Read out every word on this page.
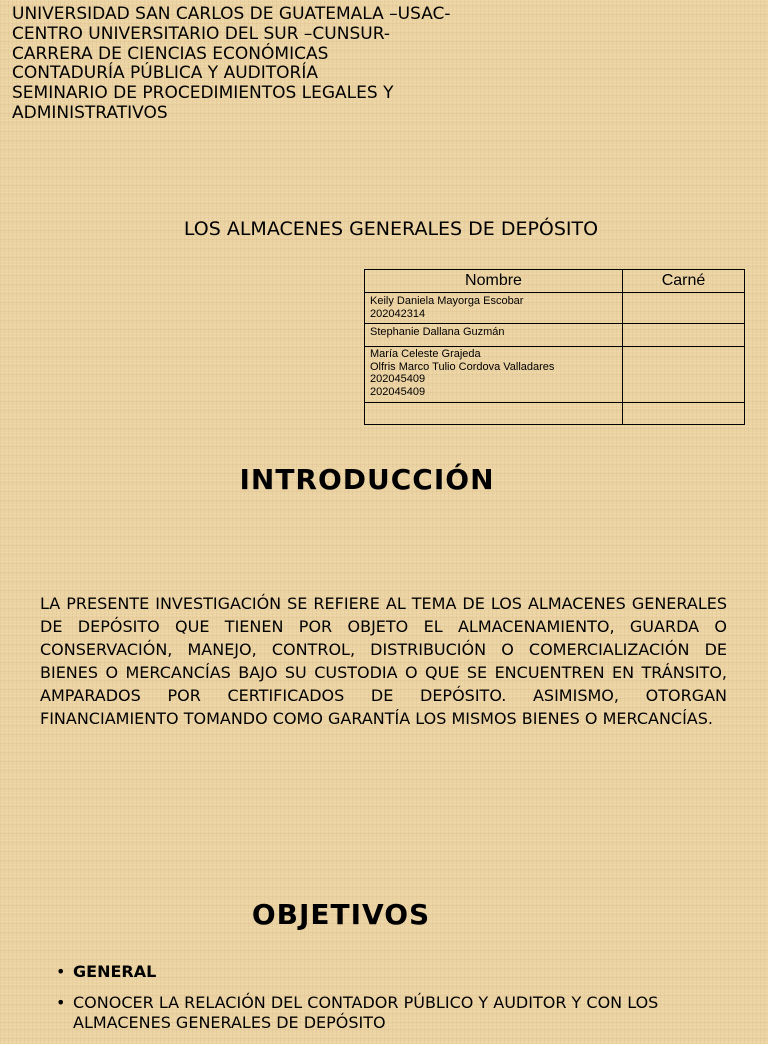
UNIVERSIDAD SAN CARLOS DE GUATEMALA –USAC-
CENTRO UNIVERSITARIO DEL SUR –CUNSUR-
CARRERA DE CIENCIAS ECONÓMICAS
CONTADURÍA PÚBLICA Y AUDITORÍA
SEMINARIO DE PROCEDIMIENTOS LEGALES Y
ADMINISTRATIVOS
LOS ALMACENES GENERALES DE DEPÓSITO
Nombre	Carné

Keily Daniela Mayorga Escobar
202042314	

Stephanie Dallana Guzmán	

María Celeste Grajeda
Olfris Marco Tulio Cordova Valladares
202045409
202045409	

INTRODUCCIÓN

LA PRESENTE INVESTIGACIÓN SE REFIERE AL TEMA DE LOS ALMACENES GENERALES DE DEPÓSITO QUE TIENEN POR OBJETO EL ALMACENAMIENTO, GUARDA O CONSERVACIÓN, MANEJO, CONTROL, DISTRIBUCIÓN O COMERCIALIZACIÓN DE BIENES O MERCANCÍAS BAJO SU CUSTODIA O QUE SE ENCUENTREN EN TRÁNSITO, AMPARADOS POR CERTIFICADOS DE DEPÓSITO. ASIMISMO, OTORGAN FINANCIAMIENTO TOMANDO COMO GARANTÍA LOS MISMOS BIENES O MERCANCÍAS.

OBJETIVOS
• GENERAL
• CONOCER LA RELACIÓN DEL CONTADOR PÚBLICO Y AUDITOR Y CON LOS ALMACENES GENERALES DE DEPÓSITO
